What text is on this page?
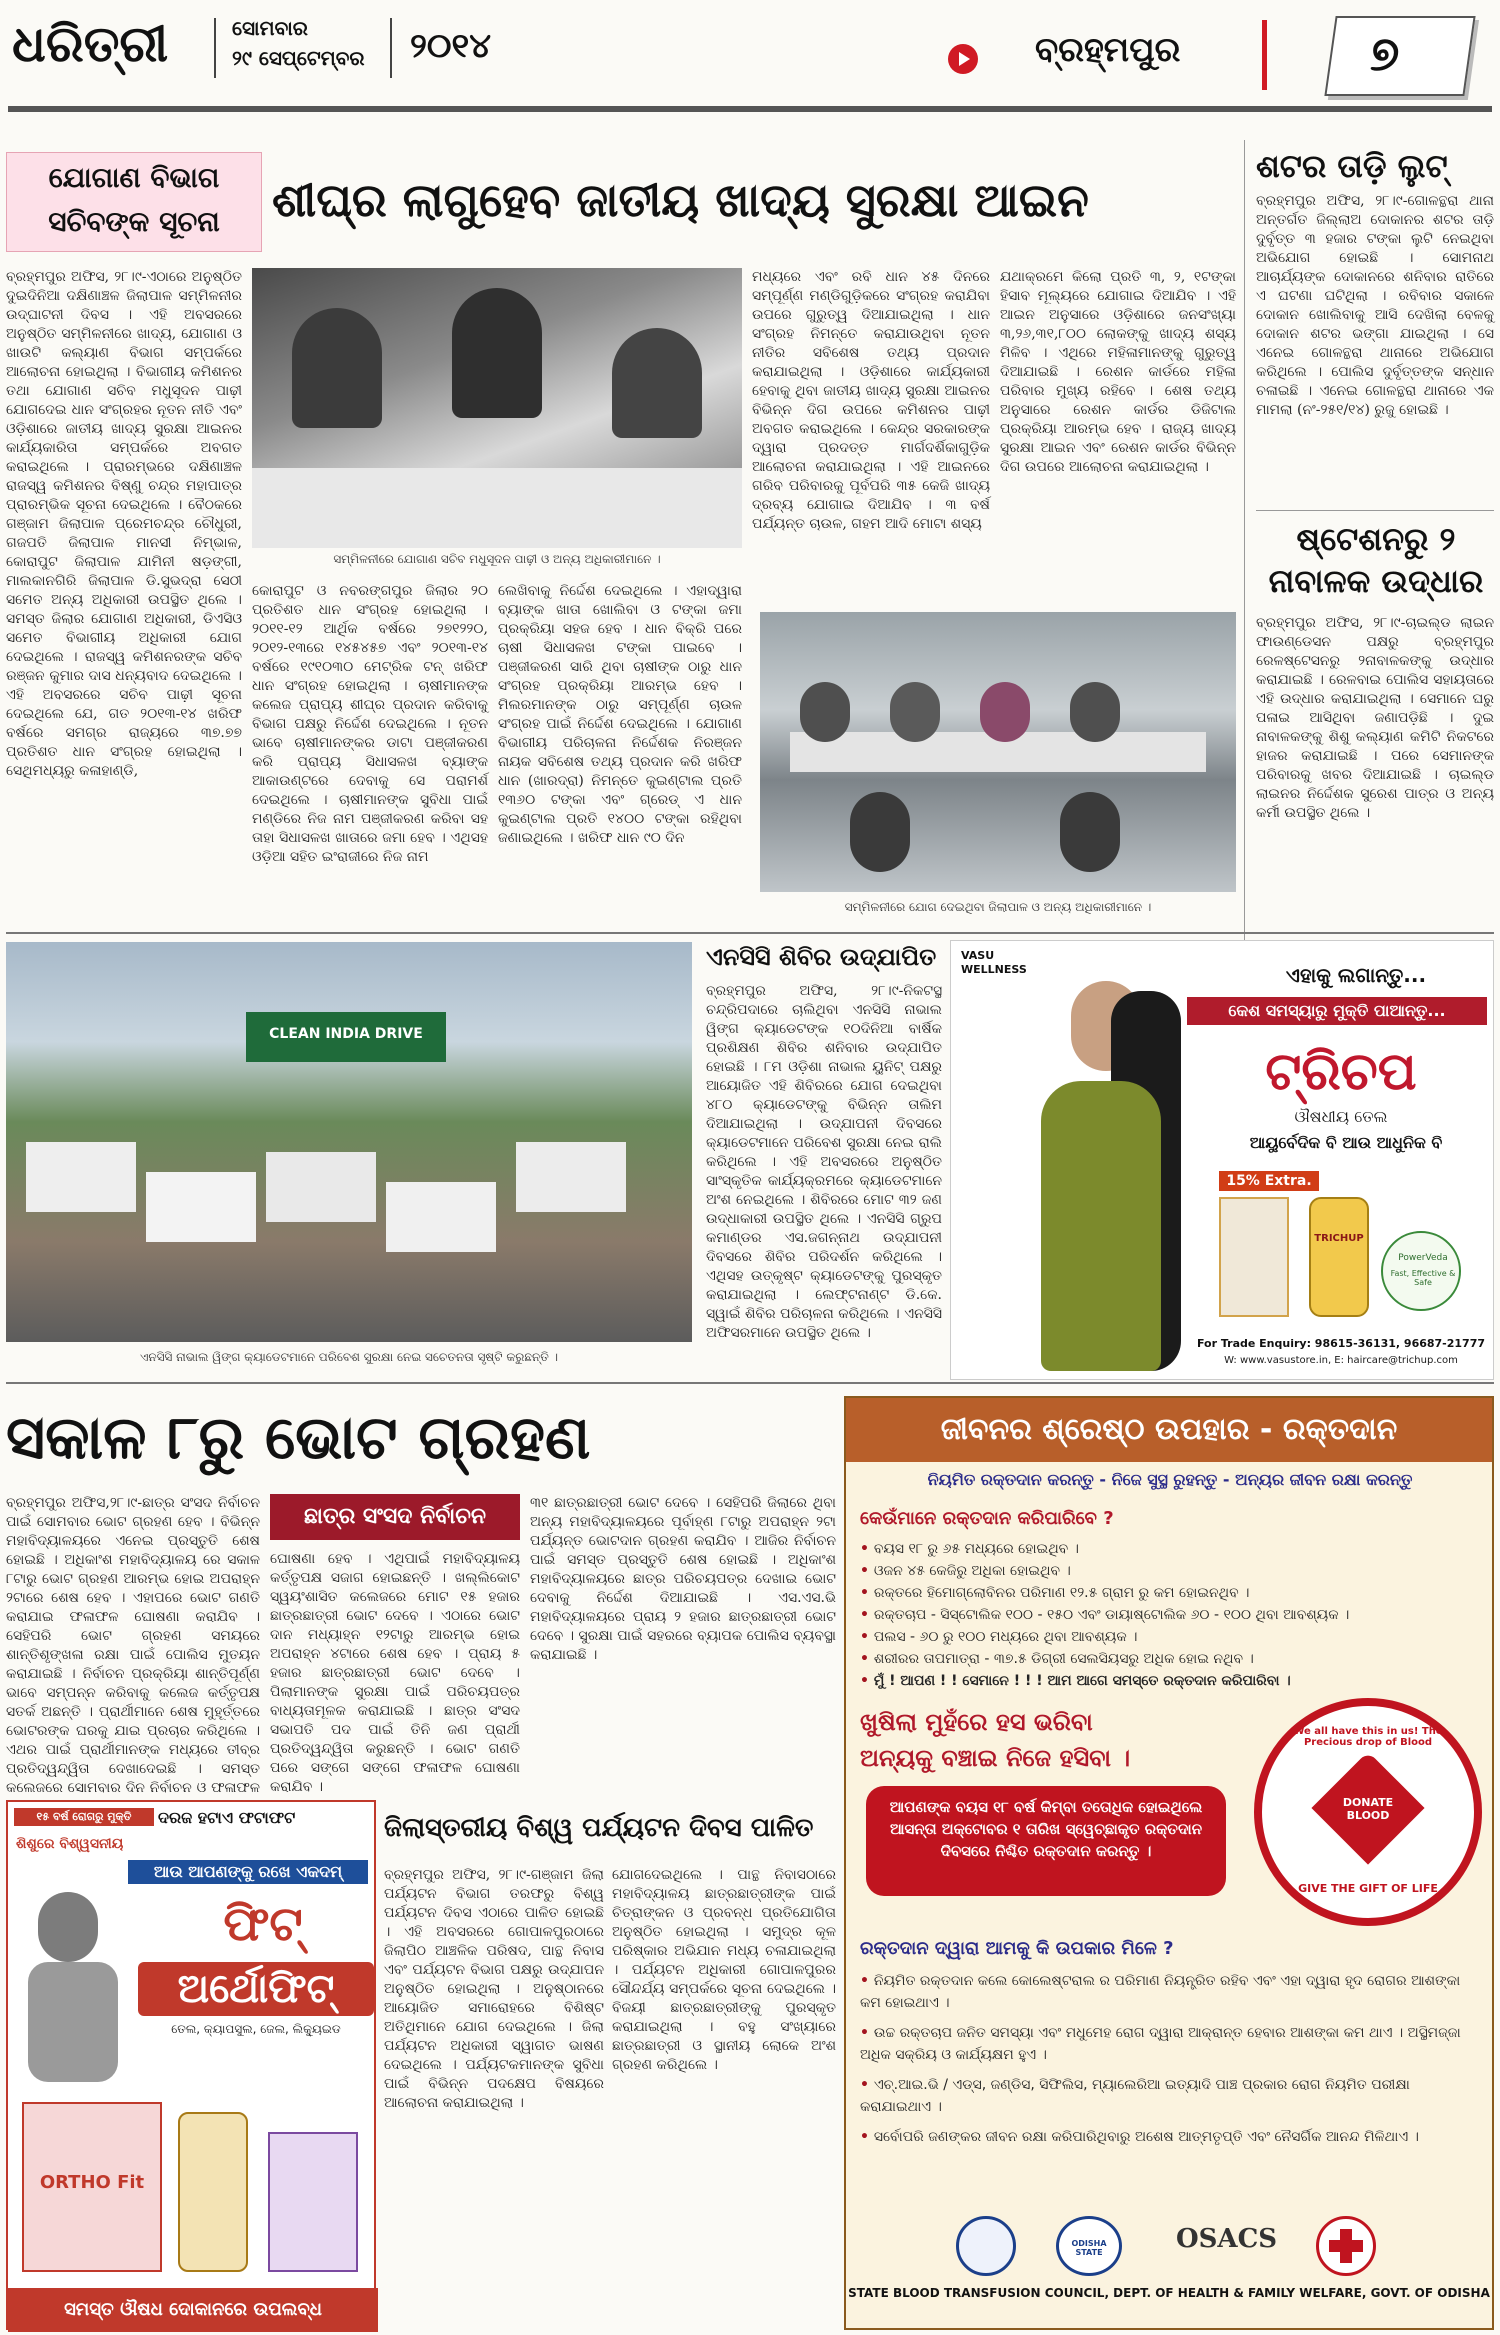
ଧରିତ୍ରୀ	ସୋମବାର
୨୯ ସେପ୍ଟେମ୍ବର ୨୦୧୪	ବ୍ରହ୍ମପୁର	୭
ଯୋଗାଣ ବିଭାଗ
ସଚିବଙ୍କ ସୂଚନା	ଶୀଘ୍ର ଲାଗୁହେବ ଜାତୀୟ ଖାଦ୍ୟ ସୁରକ୍ଷା ଆଇନ
ବ୍ରହ୍ମପୁର ଅଫିସ, ୨୮।୯-ଏଠାରେ ଅନୁଷ୍ଠିତ ଦୁଇଦିନିଆ ଦକ୍ଷିଣାଞ୍ଚଳ ଜିଲାପାଳ ସମ୍ମିଳନୀର ଉଦ୍‌ଘାଟନୀ ଦିବସ । ଏହି ଅବସରରେ ଅନୁଷ୍ଠିତ ସମ୍ମିଳନୀରେ ଖାଦ୍ୟ, ଯୋଗାଣ ଓ ଖାଉଟି କଲ୍ୟାଣ ବିଭାଗ ସମ୍ପର୍କରେ ଆଲୋଚନା ହୋଇଥିଲା । ବିଭାଗୀୟ କମିଶନର ତଥା ଯୋଗାଣ ସଚିବ ମଧୁସୂଦନ ପାଢ଼ୀ ଯୋଗଦେଇ ଧାନ ସଂଗ୍ରହର ନୂତନ ନୀତି ଏବଂ ଓଡ଼ିଶାରେ ଜାତୀୟ ଖାଦ୍ୟ ସୁରକ୍ଷା ଆଇନର କାର୍ଯ୍ୟକାରିତା ସମ୍ପର୍କରେ ଅବଗତ କରାଇଥିଲେ । ପ୍ରାରମ୍ଭରେ ଦକ୍ଷିଣାଞ୍ଚଳ ରାଜସ୍ୱ କମିଶନର ବିଷ୍ଣୁ ଚନ୍ଦ୍ର ମହାପାତ୍ର ପ୍ରାରମ୍ଭିକ ସୂଚନା ଦେଇଥିଲେ । ବୈଠକରେ ଗଞ୍ଜାମ ଜିଲାପାଳ ପ୍ରେମଚନ୍ଦ୍ର ଚୌଧୁରୀ, ଗଜପତି ଜିଲାପାଳ ମାନସୀ ନିମ୍ଭାଳ, କୋରାପୁଟ ଜିଲାପାଳ ଯାମିନୀ ଷଡ଼ଙ୍ଗୀ, ମାଲକାନଗିରି ଜିଲାପାଳ ଡି.ସୁଭଦ୍ରା ସେଠୀ ସମେତ ଅନ୍ୟ ଅଧିକାରୀ ଉପସ୍ଥିତ ଥିଲେ । ସମସ୍ତ ଜିଲାର ଯୋଗାଣ ଅଧିକାରୀ, ଡିଏସିଓ ସମେତ ବିଭାଗୀୟ ଅଧିକାରୀ ଯୋଗ ଦେଇଥିଲେ । ରାଜସ୍ୱ କମିଶନରଙ୍କ ସଚିବ ରଞ୍ଜନ କୁମାର ଦାସ ଧନ୍ୟବାଦ ଦେଇଥିଲେ । ଏହି ଅବସରରେ ସଚିବ ପାଢ଼ୀ ସୂଚନା ଦେଇଥିଲେ ଯେ, ଗତ ୨୦୧୩-୧୪ ଖରିଫ ବର୍ଷରେ ସମଗ୍ର ରାଜ୍ୟରେ ୩୭.୭୭ ପ୍ରତିଶତ ଧାନ ସଂଗ୍ରହ ହୋଇଥିଲା । ସେଥିମଧ୍ୟରୁ କଳାହାଣ୍ଡି,
ସମ୍ମିଳନୀରେ ଯୋଗାଣ ସଚିବ ମଧୁସୂଦନ ପାଢ଼ୀ ଓ ଅନ୍ୟ ଅଧିକାରୀମାନେ ।
କୋରାପୁଟ ଓ ନବରଙ୍ଗପୁର ଜିଲାର ୨୦ ପ୍ରତିଶତ ଧାନ ସଂଗ୍ରହ ହୋଇଥିଲା । ୨୦୧୧-୧୨ ଆର୍ଥିକ ବର୍ଷରେ ୨୭୧୨୨୦, ୨୦୧୨-୧୩ରେ ୧୪୫୪୫୭ ଏବଂ ୨୦୧୩-୧୪ ବର୍ଷରେ ୧୯୧୦୩୦ ମେଟ୍ରିକ ଟନ୍ ଖରିଫ ଧାନ ସଂଗ୍ରହ ହୋଇଥିଲା । ଚାଷୀମାନଙ୍କ କଲେଜ ପ୍ରାପ୍ୟ ଶୀଘ୍ର ପ୍ରଦାନ କରିବାକୁ ବିଭାଗ ପକ୍ଷରୁ ନିର୍ଦ୍ଦେଶ ଦେଇଥିଲେ । ନୂତନ ଭାବେ ଚାଷୀମାନଙ୍କର ଡାଟା ପଞ୍ଜୀକରଣ କରି ପ୍ରାପ୍ୟ ସିଧାସଳଖ ବ୍ୟାଙ୍କ ଆକାଉଣ୍ଟରେ ଦେବାକୁ ସେ ପରାମର୍ଶ ଦେଇଥିଲେ । ଚାଷୀମାନଙ୍କ ସୁବିଧା ପାଇଁ ମଣ୍ଡିରେ ନିଜ ନାମ ପଞ୍ଜୀକରଣ କରିବା ସହ ତାହା ସିଧାସଳଖ ଖାତାରେ ଜମା ହେବ । ଏଥିସହ ଓଡ଼ିଆ ସହିତ ଇଂରାଜୀରେ ନିଜ ନାମ
ଲେଖିବାକୁ ନିର୍ଦ୍ଦେଶ ଦେଇଥିଲେ । ଏହାଦ୍ୱାରା ବ୍ୟାଙ୍କ ଖାତା ଖୋଲିବା ଓ ଟଙ୍କା ଜମା ପ୍ରକ୍ରିୟା ସହଜ ହେବ । ଧାନ ବିକ୍ରି ପରେ ଚାଷୀ ସିଧାସଳଖ ଟଙ୍କା ପାଇବେ । ପଞ୍ଜୀକରଣ ସାରି ଥିବା ଚାଷୀଙ୍କ ଠାରୁ ଧାନ ସଂଗ୍ରହ ପ୍ରକ୍ରିୟା ଆରମ୍ଭ ହେବ । ମିଲରମାନଙ୍କ ଠାରୁ ସମ୍ପୂର୍ଣ୍ଣ ଚାଉଳ ସଂଗ୍ରହ ପାଇଁ ନିର୍ଦ୍ଦେଶ ଦେଇଥିଲେ । ଯୋଗାଣ ବିଭାଗୀୟ ପରିଚାଳନା ନିର୍ଦ୍ଦେଶକ ନିରଞ୍ଜନ ନାୟକ ସବିଶେଷ ତଥ୍ୟ ପ୍ରଦାନ କରି ଖରିଫ ଧାନ (ଖାରଦ୍ରା) ନିମନ୍ତେ କୁଇଣ୍ଟାଲ ପ୍ରତି ୧୩୬୦ ଟଙ୍କା ଏବଂ ଗ୍ରେଡ୍ ଏ ଧାନ କୁଇଣ୍ଟାଲ ପ୍ରତି ୧୪୦୦ ଟଙ୍କା ରହିଥିବା ଜଣାଇଥିଲେ । ଖରିଫ ଧାନ ୯୦ ଦିନ
ମଧ୍ୟରେ ଏବଂ ରବି ଧାନ ୪୫ ଦିନରେ ସମ୍ପୂର୍ଣ୍ଣ ମଣ୍ଡିଗୁଡ଼ିକରେ ସଂଗ୍ରହ କରାଯିବା ଉପରେ ଗୁରୁତ୍ୱ ଦିଆଯାଇଥିଲା । ଧାନ ସଂଗ୍ରହ ନିମନ୍ତେ କରାଯାଉଥିବା ନୂତନ ନୀତିର ସବିଶେଷ ତଥ୍ୟ ପ୍ରଦାନ କରାଯାଇଥିଲା । ଓଡ଼ିଶାରେ କାର୍ଯ୍ୟକାରୀ ହେବାକୁ ଥିବା ଜାତୀୟ ଖାଦ୍ୟ ସୁରକ୍ଷା ଆଇନର ବିଭିନ୍ନ ଦିଗ ଉପରେ କମିଶନର ପାଢ଼ୀ ଅବଗତ କରାଇଥିଲେ । କେନ୍ଦ୍ର ସରକାରଙ୍କ ଦ୍ୱାରା ପ୍ରଦତ୍ତ ମାର୍ଗଦର୍ଶିକାଗୁଡ଼ିକ ଆଲୋଚନା କରାଯାଇଥିଲା । ଏହି ଆଇନରେ ଗରିବ ପରିବାରକୁ ପୂର୍ବପରି ୩୫ କେଜି ଖାଦ୍ୟ ଦ୍ରବ୍ୟ ଯୋଗାଇ ଦିଆଯିବ । ୩ ବର୍ଷ ପର୍ଯ୍ୟନ୍ତ ଚାଉଳ, ଗହମ ଆଦି ମୋଟା ଶସ୍ୟ
ଯଥାକ୍ରମେ କିଲୋ ପ୍ରତି ୩, ୨, ୧ଟଙ୍କା ହିସାବ ମୂଲ୍ୟରେ ଯୋଗାଇ ଦିଆଯିବ । ଏହି ଆଇନ ଅନୁସାରେ ଓଡ଼ିଶାରେ ଜନସଂଖ୍ୟା ୩,୨୬,୩୧,୮୦୦ ଲୋକଙ୍କୁ ଖାଦ୍ୟ ଶସ୍ୟ ମିଳିବ । ଏଥିରେ ମହିଳାମାନଙ୍କୁ ଗୁରୁତ୍ୱ ଦିଆଯାଇଛି । ରେଶନ କାର୍ଡରେ ମହିଳା ପରିବାର ମୁଖ୍ୟ ରହିବେ । ଶେଷ ତଥ୍ୟ ଅନୁସାରେ ରେଶନ କାର୍ଡର ଡିଜିଟାଲ ପ୍ରକ୍ରିୟା ଆରମ୍ଭ ହେବ । ରାଜ୍ୟ ଖାଦ୍ୟ ସୁରକ୍ଷା ଆଇନ ଏବଂ ରେଶନ କାର୍ଡର ବିଭିନ୍ନ ଦିଗ ଉପରେ ଆଲୋଚନା କରାଯାଇଥିଲା ।
ସମ୍ମିଳନୀରେ ଯୋଗ ଦେଇଥିବା ଜିଲାପାଳ ଓ ଅନ୍ୟ ଅଧିକାରୀମାନେ ।
ଶଟର ତାଡ଼ି ଲୁଟ୍
ବ୍ରହ୍ମପୁର ଅଫିସ, ୨୮।୯-ଗୋଳନ୍ଥରା ଥାନା ଅନ୍ତର୍ଗତ ଜିଲ୍ଲାଅ ଦୋକାନର ଶଟର ତାଡ଼ି ଦୁର୍ବୃତ୍ତ ୩ ହଜାର ଟଙ୍କା ଲୁଟି ନେଇଥିବା ଅଭିଯୋଗ ହୋଇଛି । ସୋମନାଥ ଆଚାର୍ଯ୍ୟଙ୍କ ଦୋକାନରେ ଶନିବାର ରାତିରେ ଏ ଘଟଣା ଘଟିଥିଲା । ରବିବାର ସକାଳେ ଦୋକାନ ଖୋଲିବାକୁ ଆସି ଦେଖିଲା ବେଳକୁ ଦୋକାନ ଶଟର ଭଙ୍ଗା ଯାଇଥିଲା । ସେ ଏନେଇ ଗୋଳନ୍ଥରା ଥାନାରେ ଅଭିଯୋଗ କରିଥିଲେ । ପୋଲିସ ଦୁର୍ବୃତ୍ତଙ୍କ ସନ୍ଧାନ ଚଳାଇଛି । ଏନେଇ ଗୋଳନ୍ଥରା ଥାନାରେ ଏକ ମାମଲା (ନଂ-୨୫୧/୧୪) ରୁଜୁ ହୋଇଛି ।
ଷ୍ଟେଶନରୁ ୨
ନାବାଳକ ଉଦ୍ଧାର
ବ୍ରହ୍ମପୁର ଅଫିସ, ୨୮।୯-ଚାଇଲ୍ଡ ଲାଇନ ଫାଉଣ୍ଡେସନ ପକ୍ଷରୁ ବ୍ରହ୍ମପୁର ରେଳଷ୍ଟେସନରୁ ୨ନାବାଳକଙ୍କୁ ଉଦ୍ଧାର କରାଯାଇଛି । ରେଳବାଇ ପୋଲିସ ସହାୟତାରେ ଏହି ଉଦ୍ଧାର କରାଯାଇଥିଲା । ସେମାନେ ଘରୁ ପଳାଇ ଆସିଥିବା ଜଣାପଡ଼ିଛି । ଦୁଇ ନାବାଳକଙ୍କୁ ଶିଶୁ କଲ୍ୟାଣ କମିଟି ନିକଟରେ ହାଜର କରାଯାଇଛି । ପରେ ସେମାନଙ୍କ ପରିବାରକୁ ଖବର ଦିଆଯାଇଛି । ଚାଇଲ୍ଡ ଲାଇନର ନିର୍ଦ୍ଦେଶକ ସୁରେଶ ପାତ୍ର ଓ ଅନ୍ୟ କର୍ମୀ ଉପସ୍ଥିତ ଥିଲେ ।
CLEAN INDIA DRIVE
ଏନସିସି ନାଭାଲ ୱିଙ୍ଗ କ୍ୟାଡେଟମାନେ ପରିବେଶ ସୁରକ୍ଷା ନେଇ ସଚେତନତା ସୃଷ୍ଟି କରୁଛନ୍ତି ।
ଏନସିସି ଶିବିର ଉଦ୍‌ଯାପିତ
ବ୍ରହ୍ମପୁର ଅଫିସ, ୨୮।୯-ନିକଟସ୍ଥ ଚନ୍ଦ୍ରିପଦାରେ ଚାଲିଥିବା ଏନସିସି ନାଭାଲ ୱିଙ୍ଗ କ୍ୟାଡେଟଙ୍କ ୧୦ଦିନିଆ ବାର୍ଷିକ ପ୍ରଶିକ୍ଷଣ ଶିବିର ଶନିବାର ଉଦ୍‌ଯାପିତ ହୋଇଛି । ୮ମ ଓଡ଼ିଶା ନାଭାଲ ୟୁନିଟ୍ ପକ୍ଷରୁ ଆୟୋଜିତ ଏହି ଶିବିରରେ ଯୋଗ ଦେଇଥିବା ୪୮୦ କ୍ୟାଡେଟଙ୍କୁ ବିଭିନ୍ନ ତାଲିମ ଦିଆଯାଇଥିଲା । ଉଦ୍‌ଯାପନୀ ଦିବସରେ କ୍ୟାଡେଟମାନେ ପରିବେଶ ସୁରକ୍ଷା ନେଇ ରାଲି କରିଥିଲେ । ଏହି ଅବସରରେ ଅନୁଷ୍ଠିତ ସାଂସ୍କୃତିକ କାର୍ଯ୍ୟକ୍ରମରେ କ୍ୟାଡେଟମାନେ ଅଂଶ ନେଇଥିଲେ । ଶିବିରରେ ମୋଟ ୩୨ ଜଣ ଉଦ୍ଧାକାରୀ ଉପସ୍ଥିତ ଥିଲେ । ଏନସିସି ଗ୍ରୁପ କମାଣ୍ଡର ଏସ.ଜଗନ୍ନାଥ ଉଦ୍‌ଯାପନୀ ଦିବସରେ ଶିବିର ପରିଦର୍ଶନ କରିଥିଲେ । ଏଥିସହ ଉତ୍କୃଷ୍ଟ କ୍ୟାଡେଟଙ୍କୁ ପୁରସ୍କୃତ କରାଯାଇଥିଲା । ଲେଫ୍ଟନାଣ୍ଟ ଡି.କେ. ସ୍ୱାଇଁ ଶିବିର ପରିଚାଳନା କରିଥିଲେ । ଏନସିସି ଅଫିସରମାନେ ଉପସ୍ଥିତ ଥିଲେ ।
VASU WELLNESS	ଏହାକୁ ଲଗାନ୍ତୁ...
କେଶ ସମସ୍ୟାରୁ ମୁକ୍ତି ପାଆନ୍ତୁ...
ଟ୍ରିଚପ
ଔଷଧୀୟ ତେଲ
ଆୟୁର୍ବେଦିକ ବି ଆଉ ଆଧୁନିକ ବି
15% Extra.
TRICHUP
PowerVeda
Fast, Effective & Safe
For Trade Enquiry: 98615-36131, 96687-21777
W: www.vasustore.in, E: haircare@trichup.com
ସକାଳ ୮ରୁ ଭୋଟ ଗ୍ରହଣ
ବ୍ରହ୍ମପୁର ଅଫିସ,୨୮।୯-ଛାତ୍ର ସଂସଦ ନିର୍ବାଚନ ପାଇଁ ସୋମବାର ଭୋଟ ଗ୍ରହଣ ହେବ । ବିଭିନ୍ନ ମହାବିଦ୍ୟାଳୟରେ ଏନେଇ ପ୍ରସ୍ତୁତି ଶେଷ ହୋଇଛି । ଅଧିକାଂଶ ମହାବିଦ୍ୟାଳୟ ରେ ସକାଳ ୮ଟାରୁ ଭୋଟ ଗ୍ରହଣ ଆରମ୍ଭ ହୋଇ ଅପରାହ୍ନ ୨ଟାରେ ଶେଷ ହେବ । ଏହାପରେ ଭୋଟ ଗଣତି କରାଯାଇ ଫଳାଫଳ ଘୋଷଣା କରାଯିବ । ସେହିପରି ଭୋଟ ଗ୍ରହଣ ସମୟରେ ଶାନ୍ତିଶୃଙ୍ଖଳା ରକ୍ଷା ପାଇଁ ପୋଲିସ ମୁତୟନ କରାଯାଇଛି । ନିର୍ବାଚନ ପ୍ରକ୍ରିୟା ଶାନ୍ତିପୂର୍ଣ୍ଣ ଭାବେ ସମ୍ପନ୍ନ କରିବାକୁ କଲେଜ କର୍ତ୍ତୃପକ୍ଷ ସତର୍କ ଅଛନ୍ତି । ପ୍ରାର୍ଥୀମାନେ ଶେଷ ମୁହୂର୍ତ୍ତରେ ଭୋଟରଙ୍କ ଘରକୁ ଯାଇ ପ୍ରଚାର କରିଥିଲେ । ଏଥର ପାଇଁ ପ୍ରାର୍ଥୀମାନଙ୍କ ମଧ୍ୟରେ ତୀବ୍ର ପ୍ରତିଦ୍ୱନ୍ଦ୍ୱିତା ଦେଖାଦେଇଛି । ସମସ୍ତ କଲେଜରେ ସୋମବାର ଦିନ ନିର୍ବାଚନ ଓ ଫଳାଫଳ
ଛାତ୍ର ସଂସଦ ନିର୍ବାଚନ
ଘୋଷଣା ହେବ । ଏଥିପାଇଁ ମହାବିଦ୍ୟାଳୟ କର୍ତ୍ତୃପକ୍ଷ ସଜାଗ ହୋଇଛନ୍ତି । ଖଲ୍ଲିକୋଟ ସ୍ୱୟଂଶାସିତ କଲେଜରେ ମୋଟ ୧୫ ହଜାର ଛାତ୍ରଛାତ୍ରୀ ଭୋଟ ଦେବେ । ଏଠାରେ ଭୋଟ ଦାନ ମଧ୍ୟାହ୍ନ ୧୨ଟାରୁ ଆରମ୍ଭ ହୋଇ ଅପରାହ୍ନ ୪ଟାରେ ଶେଷ ହେବ । ପ୍ରାୟ ୫ ହଜାର ଛାତ୍ରଛାତ୍ରୀ ଭୋଟ ଦେବେ । ପିଲାମାନଙ୍କ ସୁରକ୍ଷା ପାଇଁ ପରିଚୟପତ୍ର ବାଧ୍ୟତାମୂଳକ କରାଯାଇଛି । ଛାତ୍ର ସଂସଦ ସଭାପତି ପଦ ପାଇଁ ତିନି ଜଣ ପ୍ରାର୍ଥୀ ପ୍ରତିଦ୍ୱନ୍ଦ୍ୱିତା କରୁଛନ୍ତି । ଭୋଟ ଗଣତି ପରେ ସଙ୍ଗେ ସଙ୍ଗେ ଫଳାଫଳ ଘୋଷଣା କରାଯିବ ।
୩୧ ଛାତ୍ରଛାତ୍ରୀ ଭୋଟ ଦେବେ । ସେହିପରି ଜିଲାରେ ଥିବା ଅନ୍ୟ ମହାବିଦ୍ୟାଳୟରେ ପୂର୍ବାହ୍ଣ ୮ଟାରୁ ଅପରାହ୍ନ ୨ଟା ପର୍ଯ୍ୟନ୍ତ ଭୋଟଦାନ ଗ୍ରହଣ କରାଯିବ । ଆଜିର ନିର୍ବାଚନ ପାଇଁ ସମସ୍ତ ପ୍ରସ୍ତୁତି ଶେଷ ହୋଇଛି । ଅଧିକାଂଶ ମହାବିଦ୍ୟାଳୟରେ ଛାତ୍ର ପରିଚୟପତ୍ର ଦେଖାଇ ଭୋଟ ଦେବାକୁ ନିର୍ଦ୍ଦେଶ ଦିଆଯାଇଛି । ଏସ.ଏସ.ଭି ମହାବିଦ୍ୟାଳୟରେ ପ୍ରାୟ ୨ ହଜାର ଛାତ୍ରଛାତ୍ରୀ ଭୋଟ ଦେବେ । ସୁରକ୍ଷା ପାଇଁ ସହରରେ ବ୍ୟାପକ ପୋଲିସ ବ୍ୟବସ୍ଥା କରାଯାଇଛି ।
୧୫ ବର୍ଷ ରୋଗରୁ ମୁକ୍ତି	ଦରଜ ହଟାଏ ଫଟାଫଟ
ଶିଶୁରେ ବିଶ୍ୱସନୀୟ
ଆଉ ଆପଣଙ୍କୁ ରଖେ ଏକଦମ୍
ଫିଟ୍
ଅର୍ଥୋଫିଟ୍
ତେଲ, କ୍ୟାପସୁଲ, ଜେଲ, ଲିକ୍ୟୁଇଡ
ORTHO Fit
ସମସ୍ତ ଔଷଧ ଦୋକାନରେ ଉପଲବ୍ଧ
ଜିଲାସ୍ତରୀୟ ବିଶ୍ୱ ପର୍ଯ୍ୟଟନ ଦିବସ ପାଳିତ
ବ୍ରହ୍ମପୁର ଅଫିସ, ୨୮।୯-ଗଞ୍ଜାମ ଜିଲା ପର୍ଯ୍ୟଟନ ବିଭାଗ ତରଫରୁ ବିଶ୍ୱ ପର୍ଯ୍ୟଟନ ଦିବସ ଏଠାରେ ପାଳିତ ହୋଇଛି । ଏହି ଅବସରରେ ଗୋପାଳପୁରଠାରେ ଜିଲାପିଠ ଆଞ୍ଚଳିକ ପରିଷଦ, ପାନ୍ଥ ନିବାସ ଏବଂ ପର୍ଯ୍ୟଟନ ବିଭାଗ ପକ୍ଷରୁ ଉଦ୍‌ଯାପନ ଅନୁଷ୍ଠିତ ହୋଇଥିଲା । ଅନୁଷ୍ଠାନରେ ଆୟୋଜିତ ସମାରୋହରେ ବିଶିଷ୍ଟ ଅତିଥିମାନେ ଯୋଗ ଦେଇଥିଲେ । ଜିଲା ପର୍ଯ୍ୟଟନ ଅଧିକାରୀ ସ୍ୱାଗତ ଭାଷଣ ଦେଇଥିଲେ । ପର୍ଯ୍ୟଟକମାନଙ୍କ ସୁବିଧା ପାଇଁ ବିଭିନ୍ନ ପଦକ୍ଷେପ ବିଷୟରେ ଆଲୋଚନା କରାଯାଇଥିଲା ।
ଯୋଗଦେଇଥିଲେ । ପାନ୍ଥ ନିବାସଠାରେ ମହାବିଦ୍ୟାଳୟ ଛାତ୍ରଛାତ୍ରୀଙ୍କ ପାଇଁ ଚିତ୍ରାଙ୍କନ ଓ ପ୍ରବନ୍ଧ ପ୍ରତିଯୋଗିତା ଅନୁଷ୍ଠିତ ହୋଇଥିଲା । ସମୁଦ୍ର କୂଳ ପରିଷ୍କାର ଅଭିଯାନ ମଧ୍ୟ ଚଳାଯାଇଥିଲା । ପର୍ଯ୍ୟଟନ ଅଧିକାରୀ ଗୋପାଳପୁରର ସୌନ୍ଦର୍ଯ୍ୟ ସମ୍ପର୍କରେ ସୂଚନା ଦେଇଥିଲେ । ବିଜୟୀ ଛାତ୍ରଛାତ୍ରୀଙ୍କୁ ପୁରସ୍କୃତ କରାଯାଇଥିଲା । ବହୁ ସଂଖ୍ୟାରେ ଛାତ୍ରଛାତ୍ରୀ ଓ ସ୍ଥାନୀୟ ଲୋକେ ଅଂଶ ଗ୍ରହଣ କରିଥିଲେ ।
ଜୀବନର ଶ୍ରେଷ୍ଠ ଉପହାର - ରକ୍ତଦାନ
ନିୟମିତ ରକ୍ତଦାନ କରନ୍ତୁ - ନିଜେ ସୁସ୍ଥ ରୁହନ୍ତୁ - ଅନ୍ୟର ଜୀବନ ରକ୍ଷା କରନ୍ତୁ
କେଉଁମାନେ ରକ୍ତଦାନ କରିପାରିବେ ?
• ବୟସ ୧୮ ରୁ ୬୫ ମଧ୍ୟରେ ହୋଇଥିବ ।
• ଓଜନ ୪୫ କେଜିରୁ ଅଧିକା ହୋଇଥିବ ।
• ରକ୍ତରେ ହିମୋଗ୍ଲୋବିନର ପରିମାଣ ୧୨.୫ ଗ୍ରାମ ରୁ କମ ହୋଇନଥିବ ।
• ରକ୍ତଚାପ - ସିସ୍ଟୋଲିକ ୧୦୦ - ୧୫୦ ଏବଂ ଡାୟାଷ୍ଟୋଲିକ ୬୦ - ୧୦୦ ଥିବା ଆବଶ୍ୟକ ।
• ପଲସ - ୬୦ ରୁ ୧୦୦ ମଧ୍ୟରେ ଥିବା ଆବଶ୍ୟକ ।
• ଶରୀରର ତାପମାତ୍ରା - ୩୭.୫ ଡିଗ୍ରୀ ସେଲସିୟସରୁ ଅଧିକ ହୋଇ ନଥିବ ।
• ମୁଁ ! ଆପଣ ! ! ସେମାନେ ! ! ! ଆମ ଆଗେ ସମସ୍ତେ ରକ୍ତଦାନ କରିପାରିବା ।
ଖୁଷିଲା ମୁହଁରେ ହସ ଭରିବା
ଅନ୍ୟକୁ ବଞ୍ଚାଇ ନିଜେ ହସିବା ।
ଆପଣଙ୍କ ବୟସ ୧୮ ବର୍ଷ କିମ୍ବା ତତୋଧିକ ହୋଇଥିଲେ ଆସନ୍ତା ଅକ୍ଟୋବର ୧ ତାରିଖ ସ୍ୱେଚ୍ଛାକୃତ ରକ୍ତଦାନ ଦିବସରେ ନିଶ୍ଚିତ ରକ୍ତଦାନ କରନ୍ତୁ ।
We all have this in us! The Precious drop of Blood
DONATE BLOOD
GIVE THE GIFT OF LIFE
ରକ୍ତଦାନ ଦ୍ୱାରା ଆମକୁ କି ଉପକାର ମିଳେ ?
• ନିୟମିତ ରକ୍ତଦାନ କଲେ କୋଲେଷ୍ଟରାଲ ର ପରିମାଣ ନିୟନ୍ତ୍ରିତ ରହିବ ଏବଂ ଏହା ଦ୍ୱାରା ହୃଦ ରୋଗର ଆଶଙ୍କା କମ ହୋଇଥାଏ ।
• ଉଚ୍ଚ ରକ୍ତଚାପ ଜନିତ ସମସ୍ୟା ଏବଂ ମଧୁମେହ ରୋଗ ଦ୍ୱାରା ଆକ୍ରାନ୍ତ ହେବାର ଆଶଙ୍କା କମ ଥାଏ । ଅସ୍ଥିମଜ୍ଜା ଅଧିକ ସକ୍ରିୟ ଓ କାର୍ଯ୍ୟକ୍ଷମ ହୁଏ ।
• ଏଚ୍.ଆଇ.ଭି / ଏଡ୍ସ, ଜଣ୍ଡିସ, ସିଫିଲିସ, ମ୍ୟାଲେରିଆ ଇତ୍ୟାଦି ପାଞ୍ଚ ପ୍ରକାର ରୋଗ ନିୟମିତ ପରୀକ୍ଷା କରାଯାଇଥାଏ ।
• ସର୍ବୋପରି ଜଣଙ୍କର ଜୀବନ ରକ୍ଷା କରିପାରିଥିବାରୁ ଅଶେଷ ଆତ୍ମତୃପ୍ତି ଏବଂ ନୈସର୍ଗିକ ଆନନ୍ଦ ମିଳିଥାଏ ।
ODISHA STATE	OSACS
STATE BLOOD TRANSFUSION COUNCIL, DEPT. OF HEALTH & FAMILY WELFARE, GOVT. OF ODISHA
